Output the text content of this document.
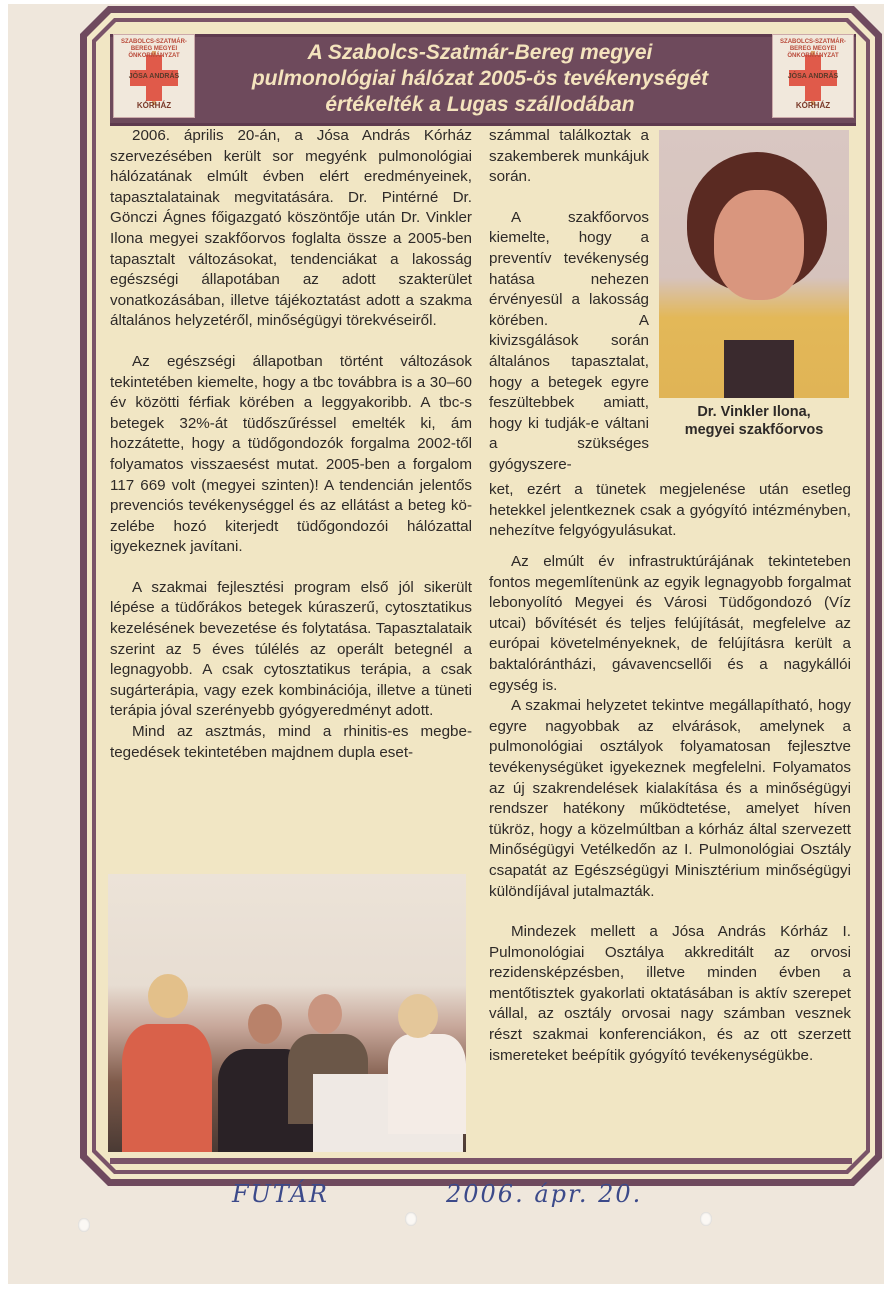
SZABOLCS-SZATMÁR-BEREG MEGYEI ÖNKORMÁNYZAT
JÓSA ANDRÁS
KÓRHÁZ
SZABOLCS-SZATMÁR-BEREG MEGYEI ÖNKORMÁNYZAT
JÓSA ANDRÁS
KÓRHÁZ
A Szabolcs-Szatmár-Bereg megyei
pulmonológiai hálózat 2005-ös tevékenységét
értékelték a Lugas szállodában

2006. április 20-án, a Jósa András Kórház szervezésében került sor megyénk pulmonológiai hálózatának elmúlt évben elért eredményeinek, tapasztalatainak megvitatására. Dr. Pintérné Dr. Gönczi Ágnes főigazgató köszöntője után Dr. Vinkler Ilona megyei szakfőorvos foglalta össze a 2005-ben tapasztalt változásokat, tendenciákat a lakosság egészségi állapotában az adott szakterület vonatkozásában, illetve tájékoztatást adott a szakma általános helyzetéről, minőségügyi törekvéseiről.

Az egészségi állapotban történt változások tekintetében kiemelte, hogy a tbc továbbra is a 30–60 év közötti férfiak körében a leggyakoribb. A tbc-s betegek 32%-át tüdőszűréssel emelték ki, ám hozzátette, hogy a tüdőgondozók forgalma 2002-től folyamatos visszaesést mutat. 2005-ben a forgalom 117 669 volt (megyei szinten)! A tendencián jelentős prevenciós tevékenységgel és az ellátást a beteg közelébe hozó kiterjedt tüdőgondozói hálózattal igyekeznek javítani.

A szakmai fejlesztési program első jól sikerült lépése a tüdőrákos betegek kúraszerű, cytosztatikus kezelésének bevezetése és folytatása. Tapasztalataik szerint az 5 éves túlélés az operált betegnél a legnagyobb. A csak cytosztatikus terápia, a csak sugárterápia, vagy ezek kombinációja, illetve a tüneti terápia jóval szerényebb gyógyeredményt adott.

Mind az asztmás, mind a rhinitis-es megbetegedések tekintetében majdnem dupla eset-

számmal találkoztak a szakemberek munkájuk során.

A szakfőorvos kiemelte, hogy a preventív tevékenység hatása nehezen érvényesül a lakosság körében. A kivizsgálások során általános tapasztalat, hogy a betegek egyre feszültebbek amiatt, hogy ki tudják-e váltani a szükséges gyógyszere-

Dr. Vinkler Ilona,
megyei szakfőorvos

ket, ezért a tünetek megjelenése után esetleg hetekkel jelentkeznek csak a gyógyító intézményben, nehezítve felgyógyulásukat.

Az elmúlt év infrastruktúrájának tekinteteben fontos megemlítenünk az egyik legnagyobb forgalmat lebonyolító Megyei és Városi Tüdőgondozó (Víz utcai) bővítését és teljes felújítását, megfelelve az európai követelményeknek, de felújításra került a baktalórántházi, gávavencsellői és a nagykállói egység is.

A szakmai helyzetet tekintve megállapítható, hogy egyre nagyobbak az elvárások, amelynek a pulmonológiai osztályok folyamatosan fejlesztve tevékenységüket igyekeznek megfelelni. Folyamatos az új szakrendelések kialakítása és a minőségügyi rendszer hatékony működtetése, amelyet híven tükröz, hogy a közelmúltban a kórház által szervezett Minőségügyi Vetélkedőn az I. Pulmonológiai Osztály csapatát az Egészségügyi Minisztérium minőségügyi különdíjával jutalmazták.

Mindezek mellett a Jósa András Kórház I. Pulmonológiai Osztálya akkreditált az orvosi rezidensképzésben, illetve minden évben a mentőtisztek gyakorlati oktatásában is aktív szerepet vállal, az osztály orvosai nagy számban vesznek részt szakmai konferenciákon, és az ott szerzett ismereteket beépítik gyógyító tevékenységükbe.

FUTÁR	2006. ápr. 20.
